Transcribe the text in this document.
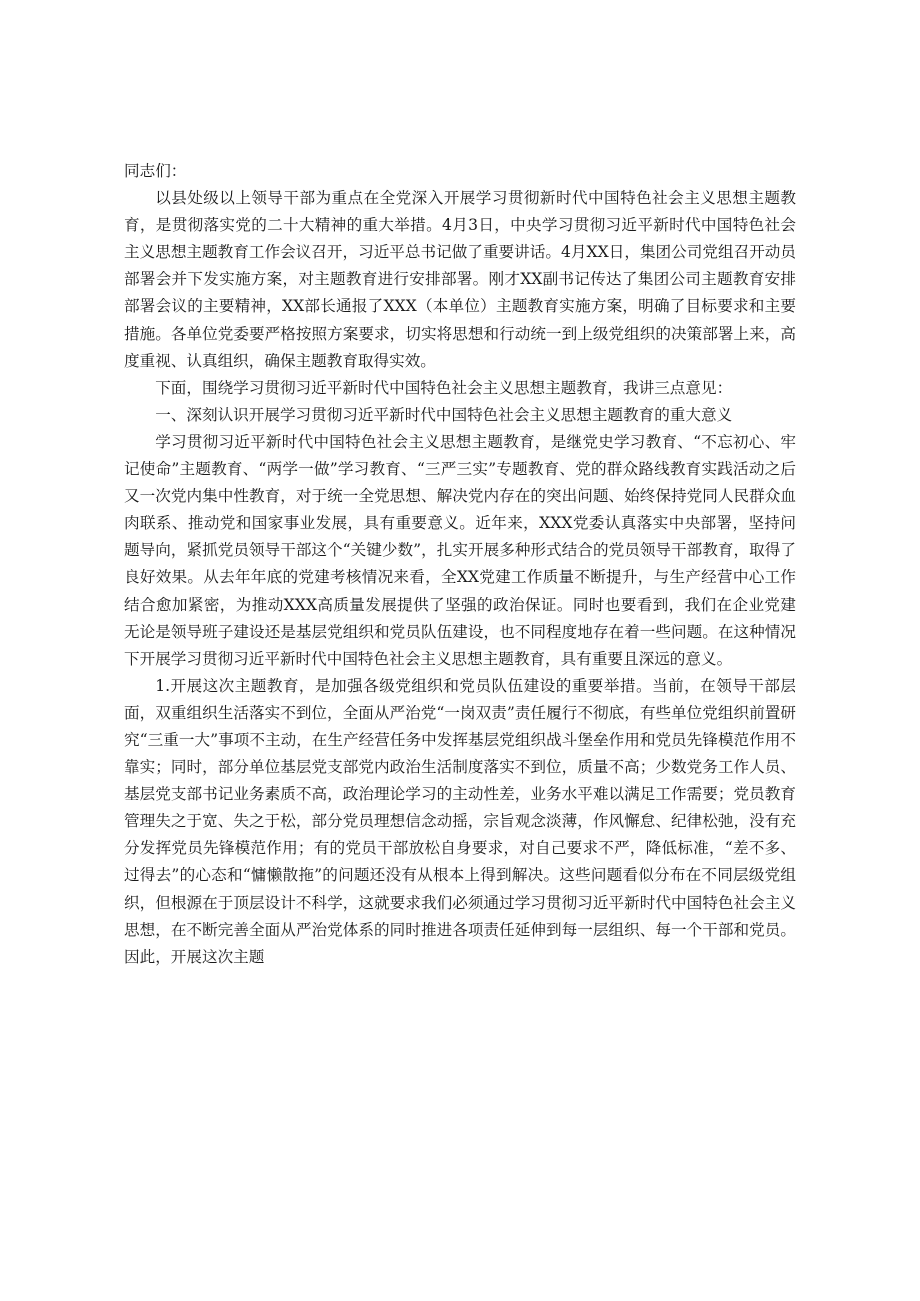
同志们：

以县处级以上领导干部为重点在全党深入开展学习贯彻新时代中国特色社会主义思想主题教育，是贯彻落实党的二十大精神的重大举措。4月3日，中央学习贯彻习近平新时代中国特色社会主义思想主题教育工作会议召开，习近平总书记做了重要讲话。4月XX日，集团公司党组召开动员部署会并下发实施方案，对主题教育进行安排部署。刚才XX副书记传达了集团公司主题教育安排部署会议的主要精神，XX部长通报了XXX（本单位）主题教育实施方案，明确了目标要求和主要措施。各单位党委要严格按照方案要求，切实将思想和行动统一到上级党组织的决策部署上来，高度重视、认真组织，确保主题教育取得实效。

下面，围绕学习贯彻习近平新时代中国特色社会主义思想主题教育，我讲三点意见：

一、深刻认识开展学习贯彻习近平新时代中国特色社会主义思想主题教育的重大意义

学习贯彻习近平新时代中国特色社会主义思想主题教育，是继党史学习教育、“不忘初心、牢记使命”主题教育、“两学一做”学习教育、“三严三实”专题教育、党的群众路线教育实践活动之后又一次党内集中性教育，对于统一全党思想、解决党内存在的突出问题、始终保持党同人民群众血肉联系、推动党和国家事业发展，具有重要意义。近年来，XXX党委认真落实中央部署，坚持问题导向，紧抓党员领导干部这个“关键少数”，扎实开展多种形式结合的党员领导干部教育，取得了良好效果。从去年年底的党建考核情况来看，全XX党建工作质量不断提升，与生产经营中心工作结合愈加紧密，为推动XXX高质量发展提供了坚强的政治保证。同时也要看到，我们在企业党建无论是领导班子建设还是基层党组织和党员队伍建设，也不同程度地存在着一些问题。在这种情况下开展学习贯彻习近平新时代中国特色社会主义思想主题教育，具有重要且深远的意义。

1.开展这次主题教育，是加强各级党组织和党员队伍建设的重要举措。当前，在领导干部层面，双重组织生活落实不到位，全面从严治党“一岗双责”责任履行不彻底，有些单位党组织前置研究“三重一大”事项不主动，在生产经营任务中发挥基层党组织战斗堡垒作用和党员先锋模范作用不靠实；同时，部分单位基层党支部党内政治生活制度落实不到位，质量不高；少数党务工作人员、基层党支部书记业务素质不高，政治理论学习的主动性差，业务水平难以满足工作需要；党员教育管理失之于宽、失之于松，部分党员理想信念动摇，宗旨观念淡薄，作风懈怠、纪律松弛，没有充分发挥党员先锋模范作用；有的党员干部放松自身要求，对自己要求不严，降低标准，“差不多、过得去”的心态和“慵懒散拖”的问题还没有从根本上得到解决。这些问题看似分布在不同层级党组织，但根源在于顶层设计不科学，这就要求我们必须通过学习贯彻习近平新时代中国特色社会主义思想，在不断完善全面从严治党体系的同时推进各项责任延伸到每一层组织、每一个干部和党员。因此，开展这次主题
